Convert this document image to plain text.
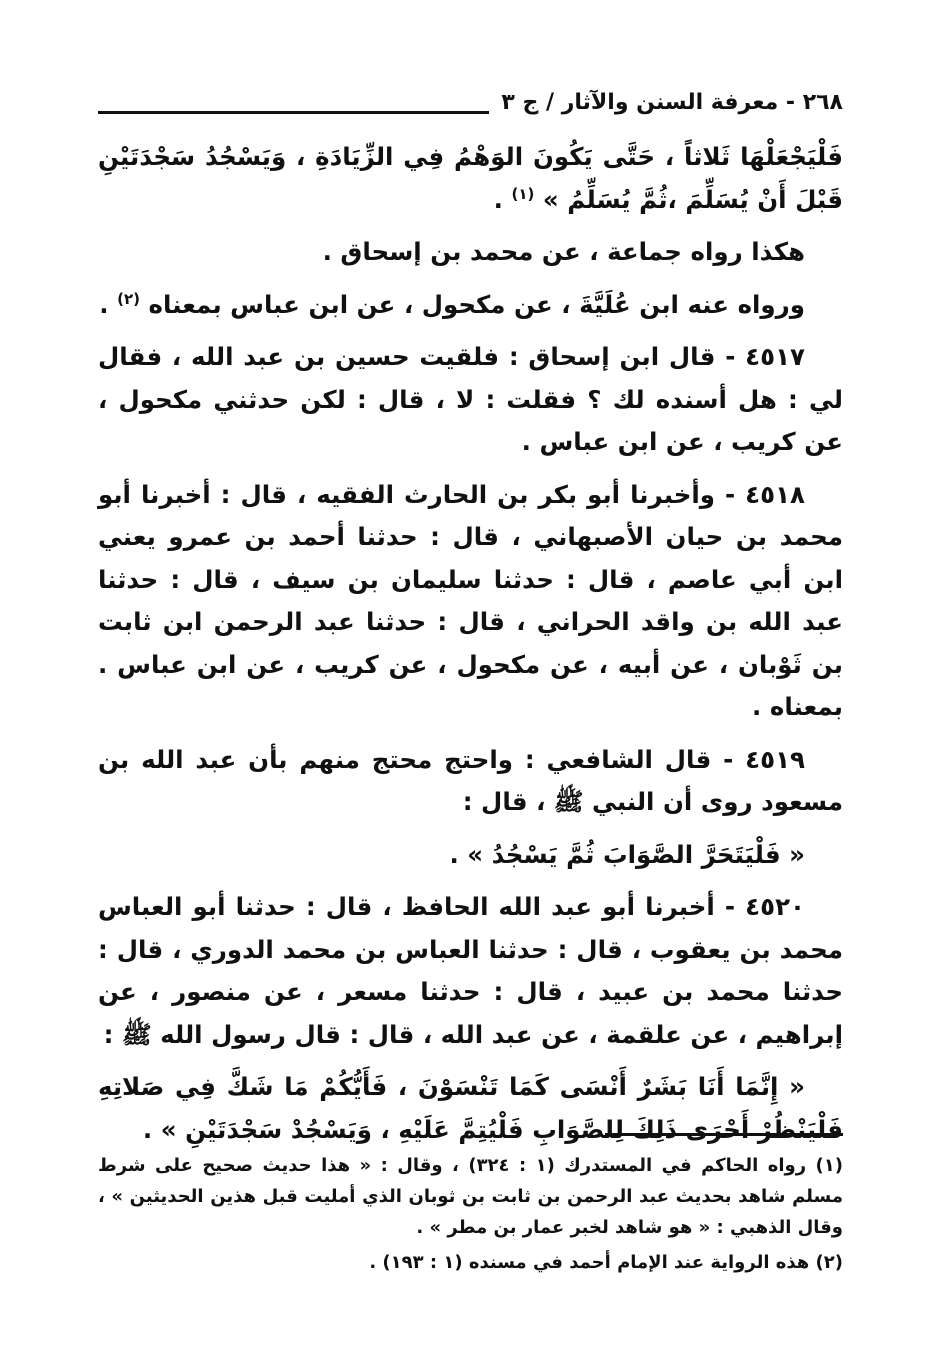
٢٦٨ - معرفة السنن والآثار / ج ٣

فَلْيَجْعَلْهَا ثَلاثاً ، حَتَّى يَكُونَ الوَهْمُ فِي الزِّيَادَةِ ، وَيَسْجُدُ سَجْدَتَيْنِ قَبْلَ أَنْ يُسَلِّمَ ،ثُمَّ يُسَلِّمُ » $^{(١)}$ .

هكذا رواه جماعة ، عن محمد بن إسحاق .

ورواه عنه ابن عُلَيَّةَ ، عن مكحول ، عن ابن عباس بمعناه $^{(٢)}$ .

٤٥١٧ - قال ابن إسحاق : فلقيت حسين بن عبد الله ، فقال لي : هل أسنده لك ؟ فقلت : لا ، قال : لكن حدثني مكحول ، عن كريب ، عن ابن عباس .

٤٥١٨ - وأخبرنا أبو بكر بن الحارث الفقيه ، قال : أخبرنا أبو محمد بن حيان الأصبهاني ، قال : حدثنا أحمد بن عمرو يعني ابن أبي عاصم ، قال : حدثنا سليمان بن سيف ، قال : حدثنا عبد الله بن واقد الحراني ، قال : حدثنا عبد الرحمن ابن ثابت بن ثَوْبان ، عن أبيه ، عن مكحول ، عن كريب ، عن ابن عباس . بمعناه .

٤٥١٩ - قال الشافعي : واحتج محتج منهم بأن عبد الله بن مسعود روى أن النبي ﷺ ، قال :

« فَلْيَتَحَرَّ الصَّوَابَ ثُمَّ يَسْجُدُ » .

٤٥٢٠ - أخبرنا أبو عبد الله الحافظ ، قال : حدثنا أبو العباس محمد بن يعقوب ، قال : حدثنا العباس بن محمد الدوري ، قال : حدثنا محمد بن عبيد ، قال : حدثنا مسعر ، عن منصور ، عن إبراهيم ، عن علقمة ، عن عبد الله ، قال : قال رسول الله ﷺ :

« إِنَّمَا أَنَا بَشَرٌ أَنْسَى كَمَا تَنْسَوْنَ ، فَأَيُّكُمْ مَا شَكَّ فِي صَلاتِهِ فَلْيَنْظُرْ أَحْرَى ذَلِكَ لِلصَّوَابِ فَلْيُتِمَّ عَلَيْهِ ، وَيَسْجُدْ سَجْدَتَيْنِ » .

(١) رواه الحاكم في المستدرك (١ : ٣٢٤) ، وقال : « هذا حديث صحيح على شرط مسلم شاهد بحديث عبد الرحمن بن ثابت بن ثوبان الذي أمليت قبل هذين الحديثين » ، وقال الذهبي : « هو شاهد لخبر عمار بن مطر » .

(٢) هذه الرواية عند الإمام أحمد في مسنده (١ : ١٩٣) .
